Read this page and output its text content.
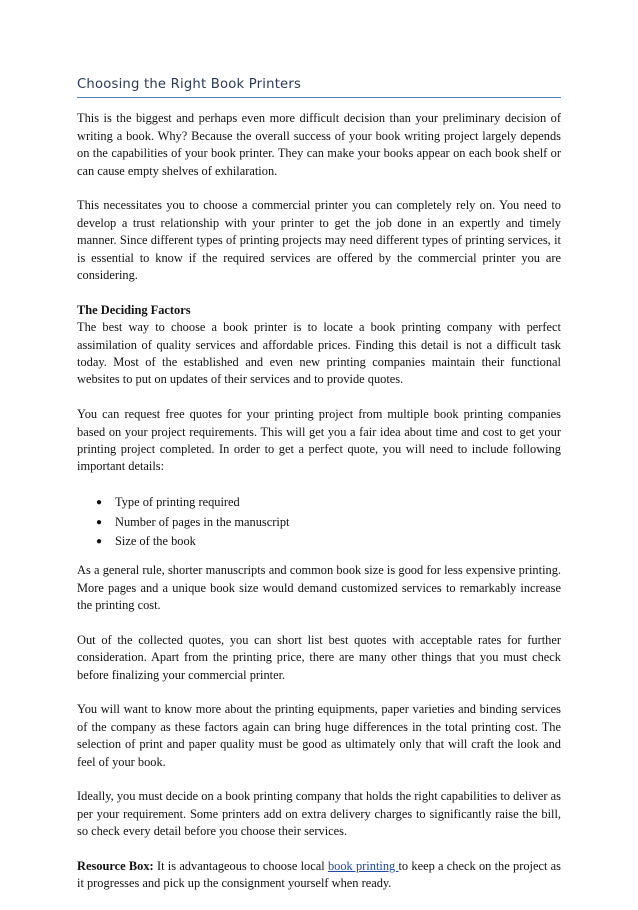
Choosing the Right Book Printers

This is the biggest and perhaps even more difficult decision than your preliminary decision of writing a book. Why? Because the overall success of your book writing project largely depends on the capabilities of your book printer. They can make your books appear on each book shelf or can cause empty shelves of exhilaration.

This necessitates you to choose a commercial printer you can completely rely on. You need to develop a trust relationship with your printer to get the job done in an expertly and timely manner. Since different types of printing projects may need different types of printing services, it is essential to know if the required services are offered by the commercial printer you are considering.

The Deciding Factors
The best way to choose a book printer is to locate a book printing company with perfect assimilation of quality services and affordable prices. Finding this detail is not a difficult task today. Most of the established and even new printing companies maintain their functional websites to put on updates of their services and to provide quotes.

You can request free quotes for your printing project from multiple book printing companies based on your project requirements. This will get you a fair idea about time and cost to get your printing project completed. In order to get a perfect quote, you will need to include following important details:

● Type of printing required
● Number of pages in the manuscript
● Size of the book

As a general rule, shorter manuscripts and common book size is good for less expensive printing. More pages and a unique book size would demand customized services to remarkably increase the printing cost.

Out of the collected quotes, you can short list best quotes with acceptable rates for further consideration. Apart from the printing price, there are many other things that you must check before finalizing your commercial printer.

You will want to know more about the printing equipments, paper varieties and binding services of the company as these factors again can bring huge differences in the total printing cost. The selection of print and paper quality must be good as ultimately only that will craft the look and feel of your book.

Ideally, you must decide on a book printing company that holds the right capabilities to deliver as per your requirement. Some printers add on extra delivery charges to significantly raise the bill, so check every detail before you choose their services.

Resource Box: It is advantageous to choose local book printing to keep a check on the project as it progresses and pick up the consignment yourself when ready.
